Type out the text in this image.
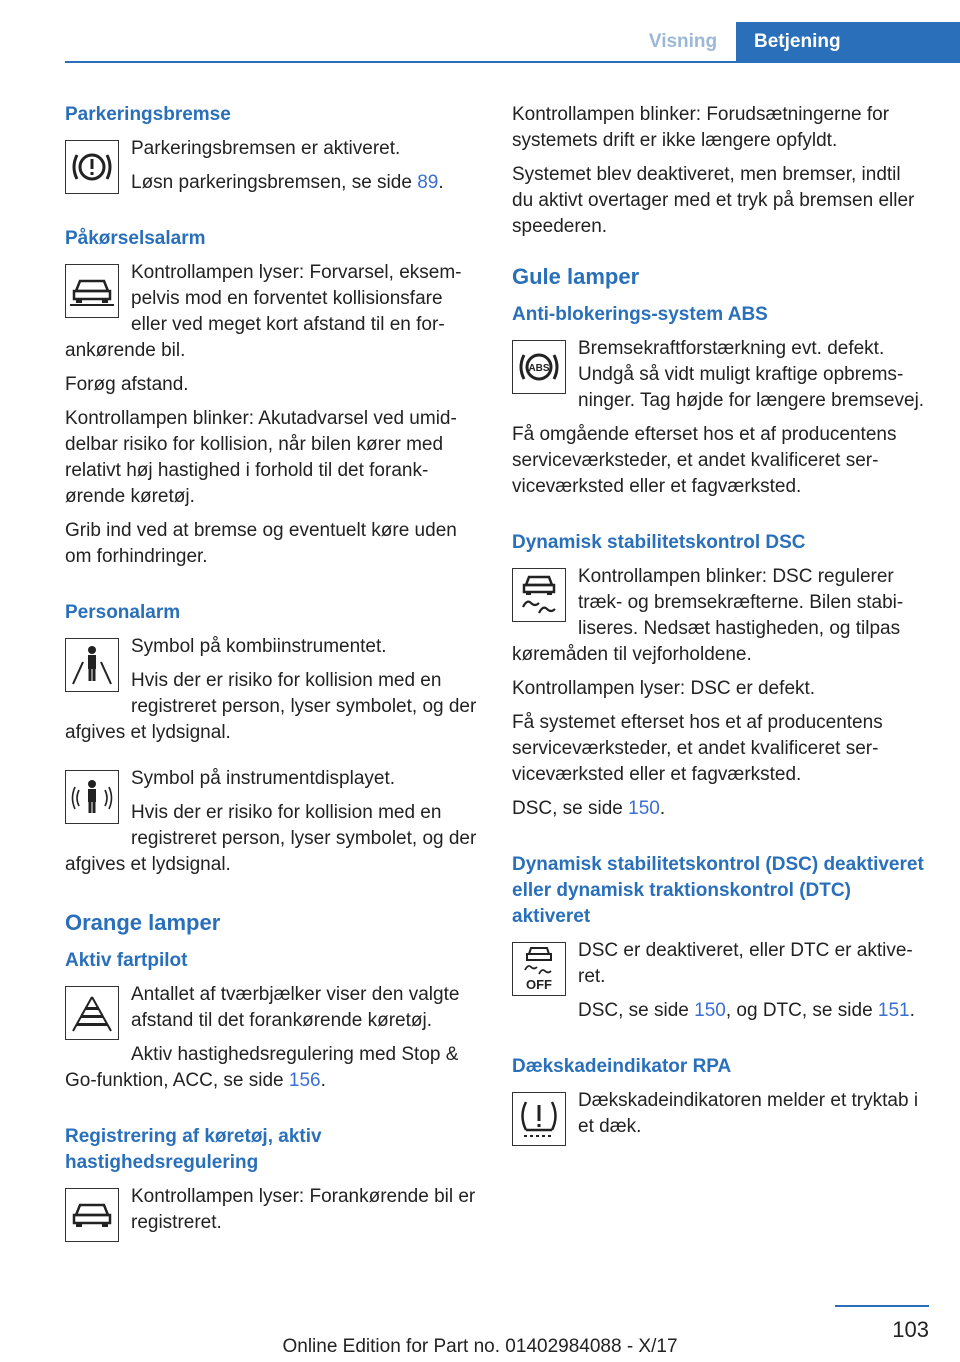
Visning	Betjening
Parkeringsbremse

Parkeringsbremsen er aktiveret.

Løsn parkeringsbremsen, se side 89.

Påkørselsalarm

Kontrollampen lyser: Forvarsel, eksempelvis mod en forventet kollisionsfare eller ved meget kort afstand til en forankørende bil.

Forøg afstand.

Kontrollampen blinker: Akutadvarsel ved umiddelbar risiko for kollision, når bilen kører med relativt høj hastighed i forhold til det forankørende køretøj.

Grib ind ved at bremse og eventuelt køre uden om forhindringer.

Personalarm

Symbol på kombiinstrumentet.

Hvis der er risiko for kollision med en registreret person, lyser symbolet, og der afgives et lydsignal.

Symbol på instrumentdisplayet.

Hvis der er risiko for kollision med en registreret person, lyser symbolet, og der afgives et lydsignal.

Orange lamper
Aktiv fartpilot

Antallet af tværbjælker viser den valgte afstand til det forankørende køretøj.

Aktiv hastighedsregulering med Stop & Go-funktion, ACC, se side 156.

Registrering af køretøj, aktiv hastighedsregulering

Kontrollampen lyser: Forankørende bil er registreret.

Kontrollampen blinker: Forudsætningerne for systemets drift er ikke længere opfyldt.

Systemet blev deaktiveret, men bremser, indtil du aktivt overtager med et tryk på bremsen eller speederen.

Gule lamper
Anti-blokerings-system ABS
ABS

Bremsekraftforstærkning evt. defekt. Undgå så vidt muligt kraftige opbremsninger. Tag højde for længere bremsevej.

Få omgående efterset hos et af producentens serviceværksteder, et andet kvalificeret serviceværksted eller et fagværksted.

Dynamisk stabilitetskontrol DSC

Kontrollampen blinker: DSC regulerer træk- og bremsekræfterne. Bilen stabiliseres. Nedsæt hastigheden, og tilpas køremåden til vejforholdene.

Kontrollampen lyser: DSC er defekt.

Få systemet efterset hos et af producentens serviceværksteder, et andet kvalificeret serviceværksted eller et fagværksted.

DSC, se side 150.

Dynamisk stabilitetskontrol (DSC) deaktiveret eller dynamisk traktionskontrol (DTC) aktiveret
OFF

DSC er deaktiveret, eller DTC er aktiveret.

DSC, se side 150, og DTC, se side 151.

Dækskadeindikator RPA

Dækskadeindikatoren melder et tryktab i et dæk.

103
Online Edition for Part no. 01402984088 - X/17
